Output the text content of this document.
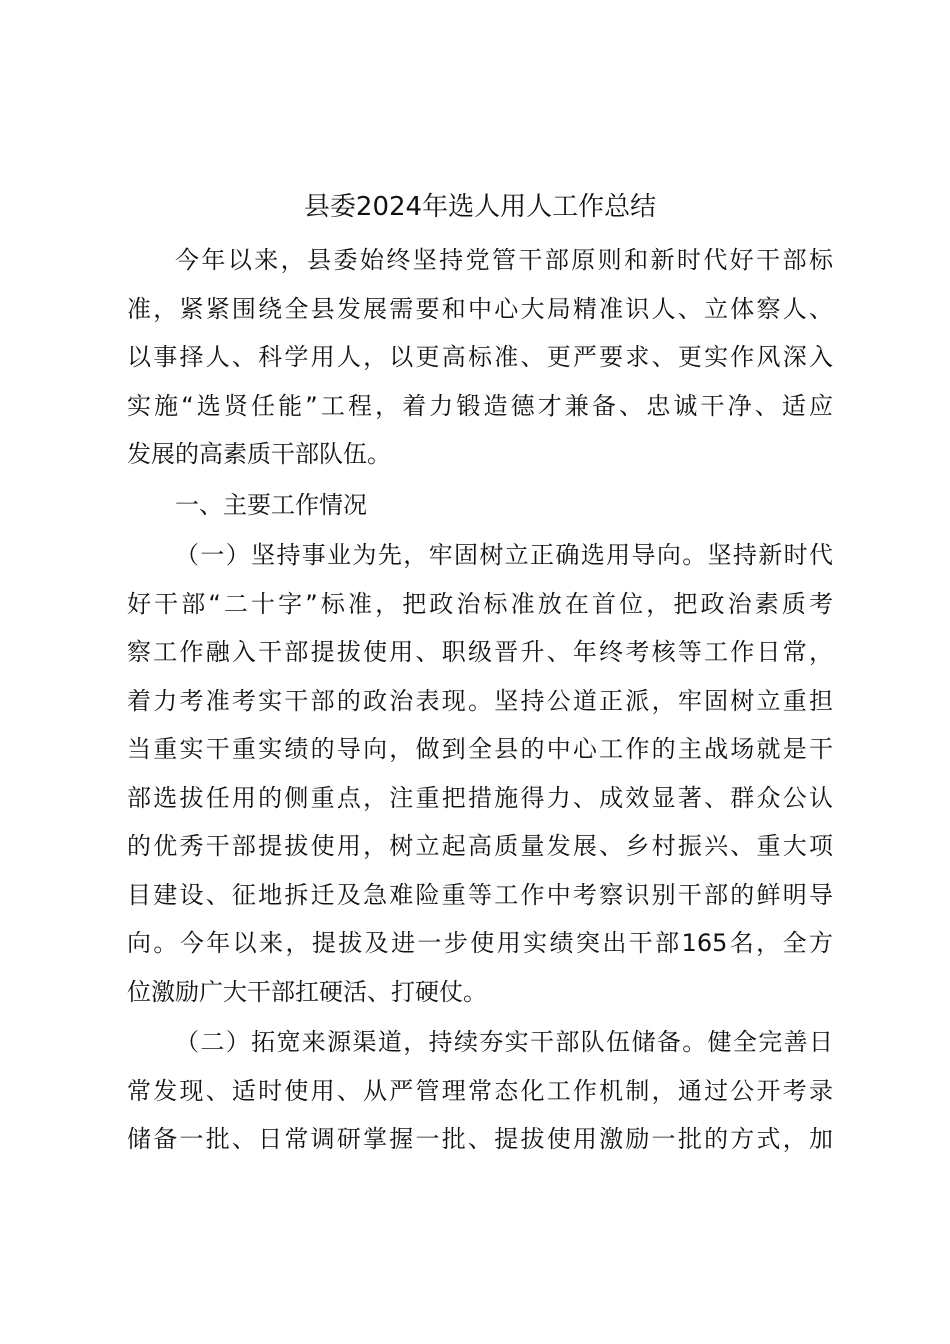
县委2024年选人用人工作总结

今年以来，县委始终坚持党管干部原则和新时代好干部标
准，紧紧围绕全县发展需要和中心大局精准识人、立体察人、
以事择人、科学用人，以更高标准、更严要求、更实作风深入
实施“选贤任能”工程，着力锻造德才兼备、忠诚干净、适应
发展的高素质干部队伍。

一、主要工作情况

（一）坚持事业为先，牢固树立正确选用导向。坚持新时代
好干部“二十字”标准，把政治标准放在首位，把政治素质考
察工作融入干部提拔使用、职级晋升、年终考核等工作日常，
着力考准考实干部的政治表现。坚持公道正派，牢固树立重担
当重实干重实绩的导向，做到全县的中心工作的主战场就是干
部选拔任用的侧重点，注重把措施得力、成效显著、群众公认
的优秀干部提拔使用，树立起高质量发展、乡村振兴、重大项
目建设、征地拆迁及急难险重等工作中考察识别干部的鲜明导
向。今年以来，提拔及进一步使用实绩突出干部165名，全方
位激励广大干部扛硬活、打硬仗。

（二）拓宽来源渠道，持续夯实干部队伍储备。健全完善日
常发现、适时使用、从严管理常态化工作机制，通过公开考录
储备一批、日常调研掌握一批、提拔使用激励一批的方式，加
